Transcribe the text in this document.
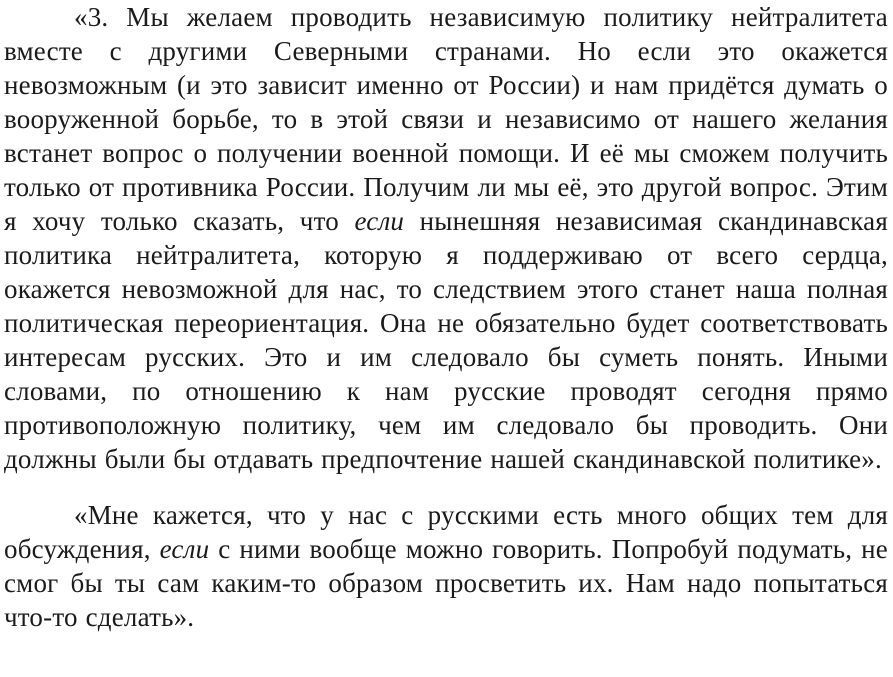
«3. Мы желаем проводить независимую политику нейтралитета вместе с другими Северными странами. Но если это окажется невозможным (и это зависит именно от России) и нам придётся думать о вооруженной борьбе, то в этой связи и независимо от нашего желания встанет вопрос о получении военной помощи. И её мы сможем получить только от противника России. Получим ли мы её, это другой вопрос. Этим я хочу только сказать, что если нынешняя независимая скандинавская политика нейтралитета, которую я поддерживаю от всего сердца, окажется невозможной для нас, то следствием этого станет наша полная политическая переориентация. Она не обязательно будет соответствовать интересам русских. Это и им следовало бы суметь понять. Иными словами, по отношению к нам русские проводят сегодня прямо противоположную политику, чем им следовало бы проводить. Они должны были бы отдавать предпочтение нашей скандинавской политике».

«Мне кажется, что у нас с русскими есть много общих тем для обсуждения, если с ними вообще можно говорить. Попробуй подумать, не смог бы ты сам каким-то образом просветить их. Нам надо попытаться что-то сделать».
